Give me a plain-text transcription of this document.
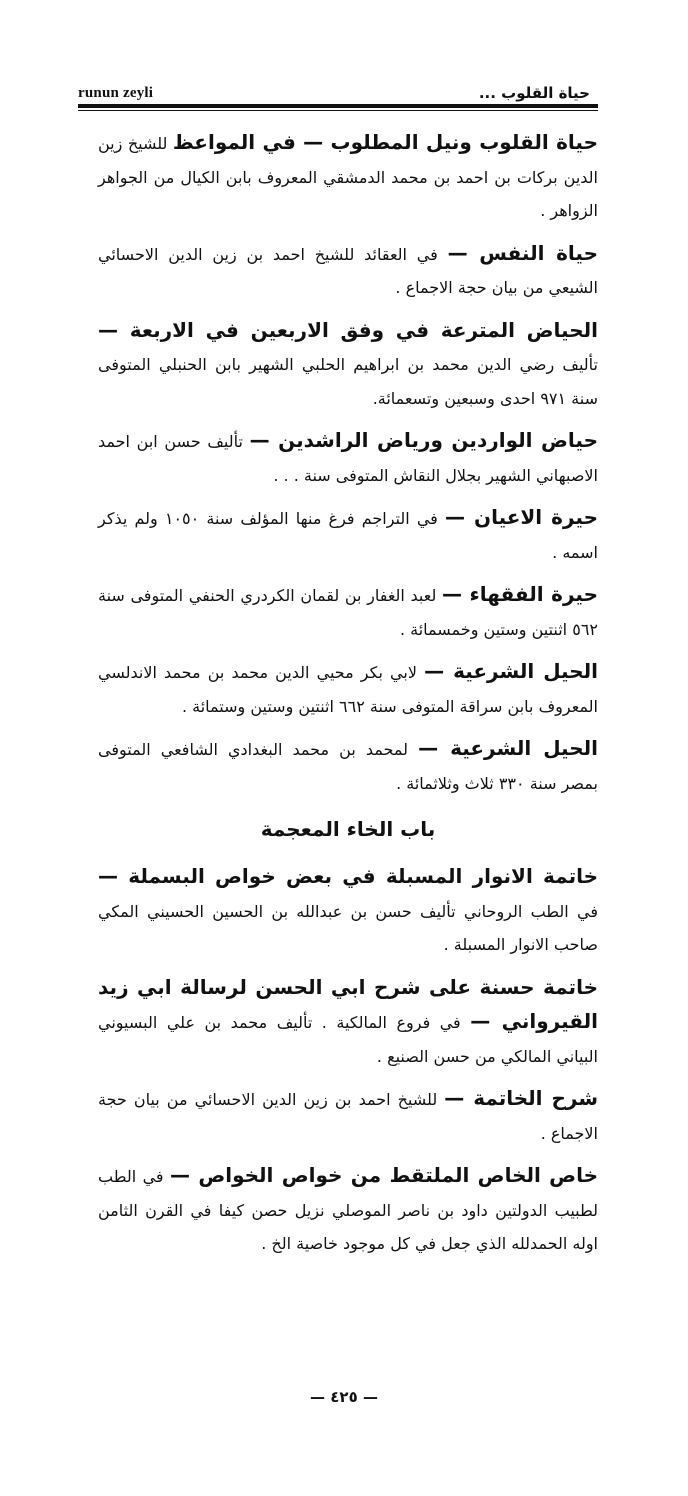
runun zeyli	حياة القلوب ...

حياة القلوب ونيل المطلوب — في المواعظ للشيخ زين الدين بركات بن احمد بن محمد الدمشقي المعروف بابن الكيال من الجواهر الزواهر .

حياة النفس — في العقائد للشيخ احمد بن زين الدين الاحسائي الشيعي من بيان حجة الاجماع .

الحياض المترعة في وفق الاربعين في الاربعة — تأليف رضي الدين محمد بن ابراهيم الحلبي الشهير بابن الحنبلي المتوفى سنة ٩٧١ احدى وسبعين وتسعمائة.

حياض الواردين ورياض الراشدين — تأليف حسن ابن احمد الاصبهاني الشهير بجلال النقاش المتوفى سنة . . .

حيرة الاعيان — في التراجم فرغ منها المؤلف سنة ١٠٥٠ ولم يذكر اسمه .

حيرة الفقهاء — لعبد الغفار بن لقمان الكردري الحنفي المتوفى سنة ٥٦٢ اثنتين وستين وخمسمائة .

الحيل الشرعية — لابي بكر محيي الدين محمد بن محمد الاندلسي المعروف بابن سراقة المتوفى سنة ٦٦٢ اثنتين وستين وستمائة .

الحيل الشرعية — لمحمد بن محمد البغدادي الشافعي المتوفى بمصر سنة ٣٣٠ ثلاث وثلاثمائة .

باب الخاء المعجمة

خاتمة الانوار المسبلة في بعض خواص البسملة — في الطب الروحاني تأليف حسن بن عبدالله بن الحسين الحسيني المكي صاحب الانوار المسبلة .

خاتمة حسنة على شرح ابي الحسن لرسالة ابي زيد القيرواني — في فروع المالكية . تأليف محمد بن علي البسيوني البياني المالكي من حسن الصنيع .

شرح الخاتمة — للشيخ احمد بن زين الدين الاحسائي من بيان حجة الاجماع .

خاص الخاص الملتقط من خواص الخواص — في الطب لطبيب الدولتين داود بن ناصر الموصلي نزيل حصن كيفا في القرن الثامن اوله الحمدلله الذي جعل في كل موجود خاصية الخ .

— ٤٢٥ —
